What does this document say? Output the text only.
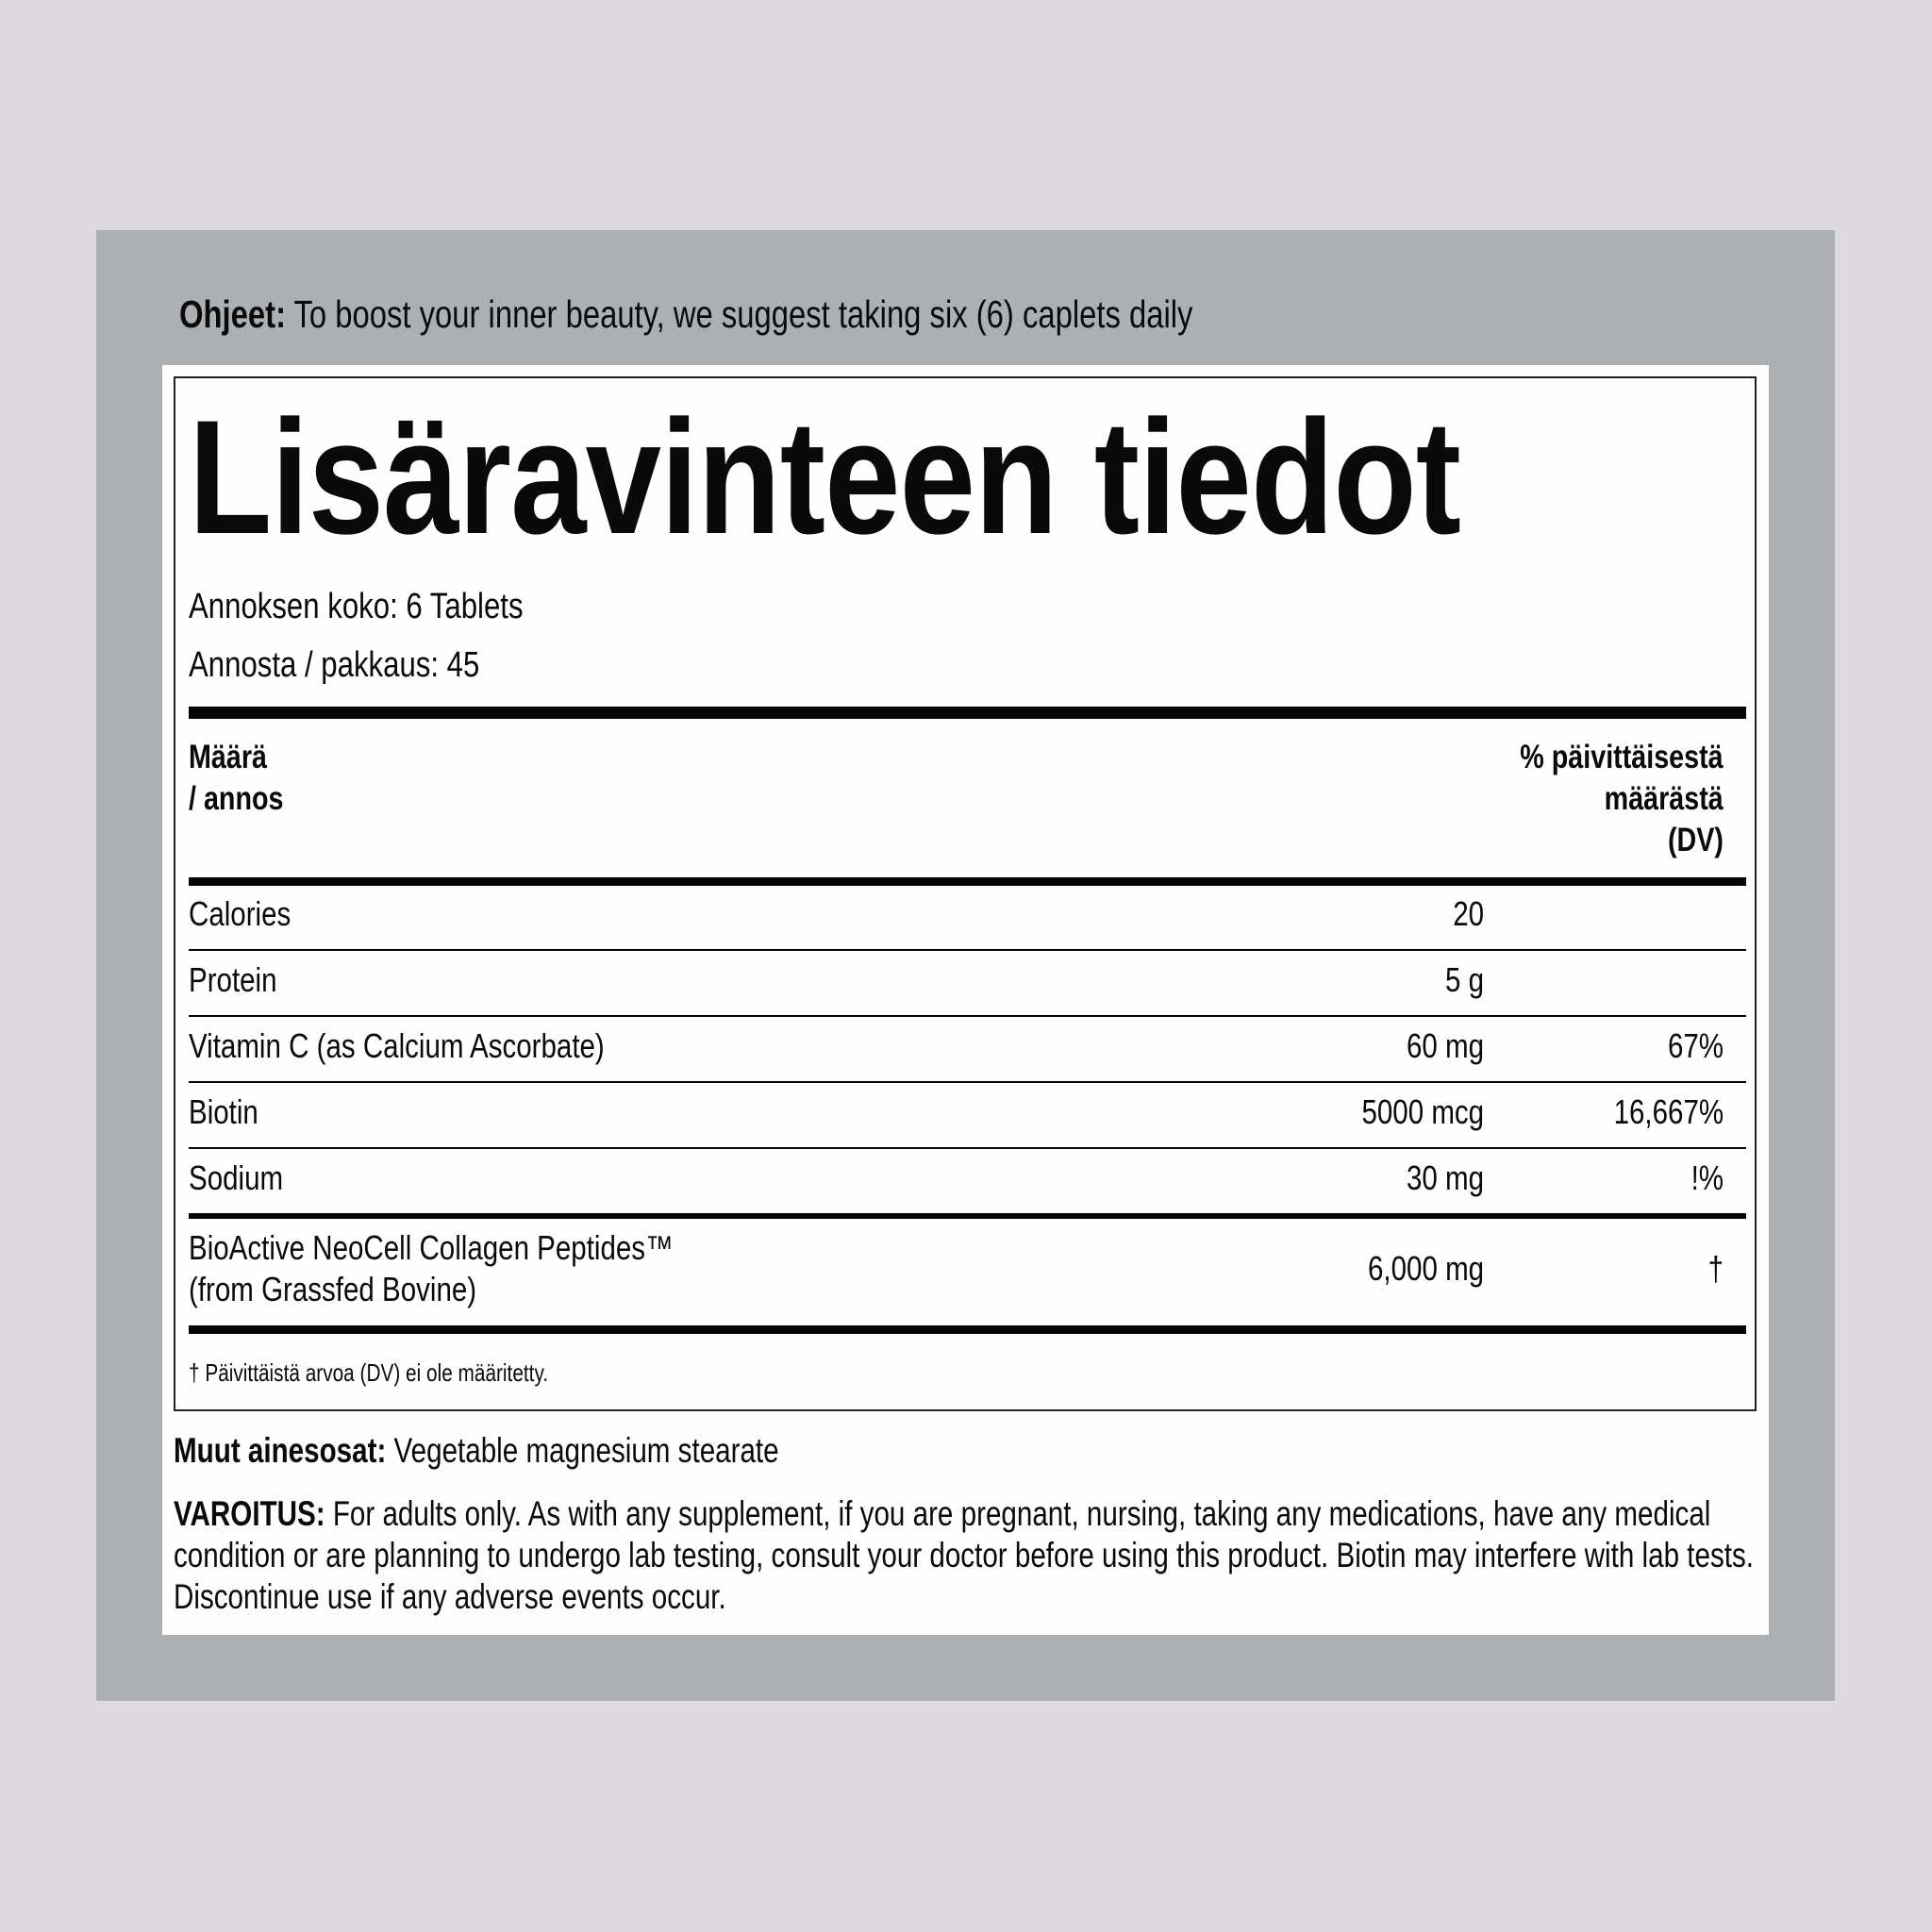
Ohjeet: To boost your inner beauty, we suggest taking six (6) caplets daily
Lisäravinteen tiedot
Annoksen koko: 6 Tablets
Annosta / pakkaus: 45
Määrä
/ annos
% päivittäisestä
määrästä
(DV)
Calories	20
Protein	5 g
Vitamin C (as Calcium Ascorbate)	60 mg	67%
Biotin	5000 mcg	16,667%
Sodium	30 mg	!%
BioActive NeoCell Collagen Peptides™
(from Grassfed Bovine)
6,000 mg	†
† Päivittäistä arvoa (DV) ei ole määritetty.
Muut ainesosat: Vegetable magnesium stearate
VAROITUS: For adults only. As with any supplement, if you are pregnant, nursing, taking any medications, have any medical condition or are planning to undergo lab testing, consult your doctor before using this product. Biotin may interfere with lab tests. Discontinue use if any adverse events occur.
